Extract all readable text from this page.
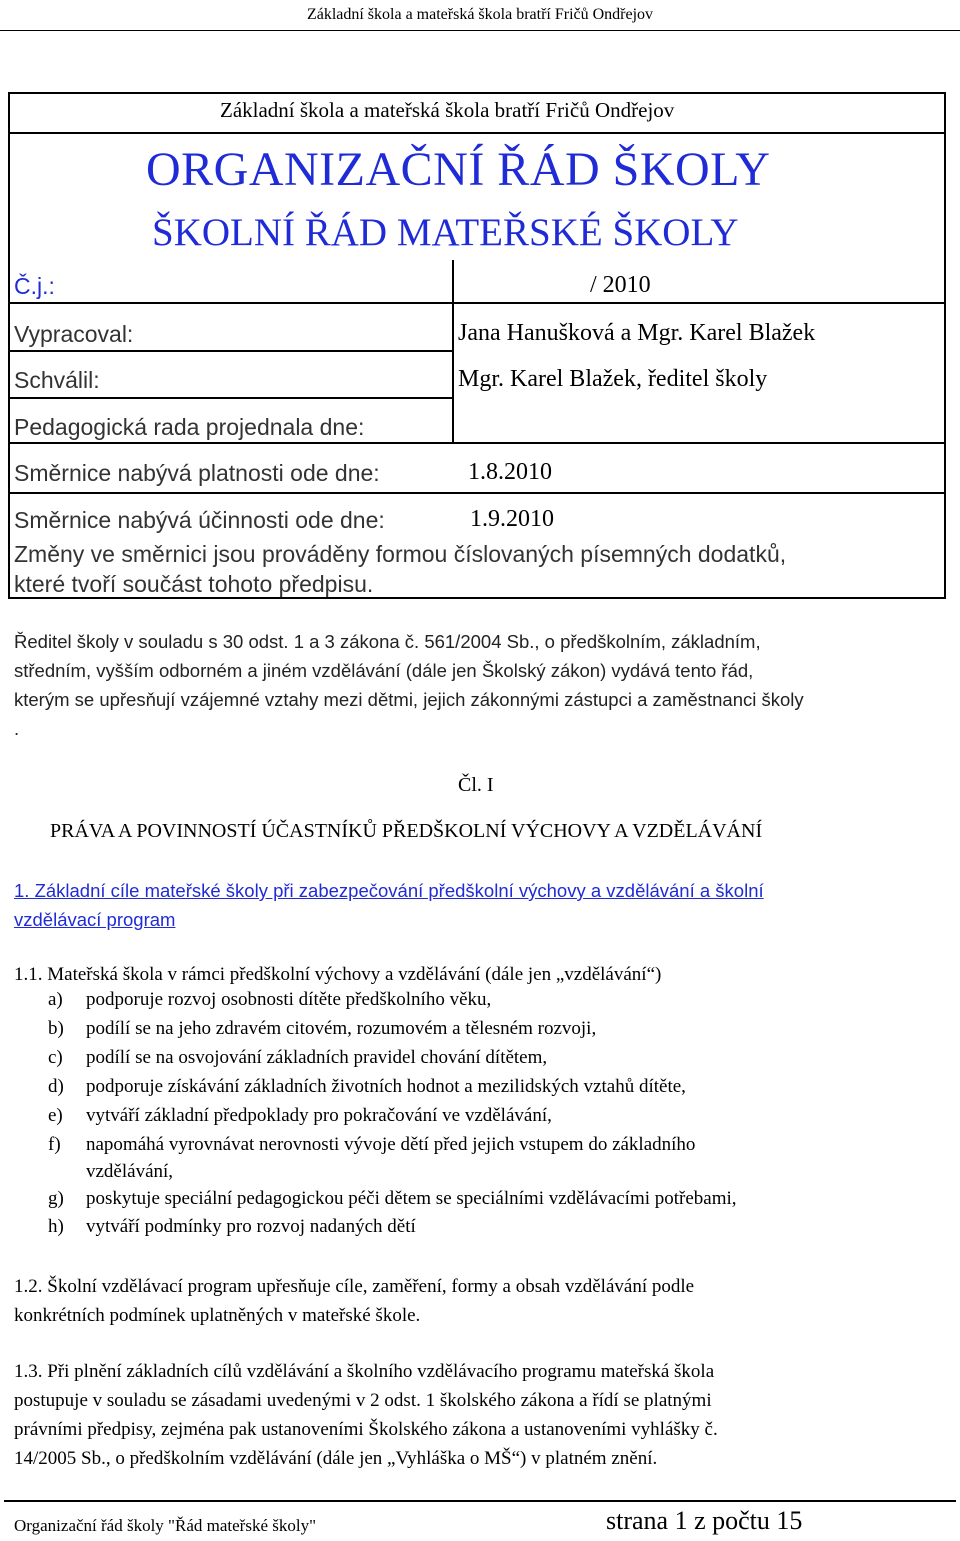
Základní škola a mateřská škola bratří Fričů Ondřejov
Základní škola a mateřská škola bratří Fričů Ondřejov
ORGANIZAČNÍ ŘÁD ŠKOLY
ŠKOLNÍ ŘÁD MATEŘSKÉ ŠKOLY
Č.j.:	/ 2010
Vypracoval:	Jana Hanušková a Mgr. Karel Blažek
Schválil:	Mgr. Karel Blažek, ředitel školy
Pedagogická rada projednala dne:
Směrnice nabývá platnosti ode dne:	1.8.2010
Směrnice nabývá účinnosti ode dne:	1.9.2010
Změny ve směrnici jsou prováděny formou číslovaných písemných dodatků,
které tvoří součást tohoto předpisu.
Ředitel školy v souladu s 30 odst. 1 a 3 zákona č. 561/2004 Sb., o předškolním, základním,
středním, vyšším odborném a jiném vzdělávání (dále jen Školský zákon) vydává tento řád,
kterým se upřesňují vzájemné vztahy mezi dětmi, jejich zákonnými zástupci a zaměstnanci školy
.
Čl. I
PRÁVA A POVINNOSTÍ ÚČASTNÍKŮ PŘEDŠKOLNÍ VÝCHOVY A VZDĚLÁVÁNÍ
1. Základní cíle mateřské školy při zabezpečování předškolní výchovy a vzdělávání a školní
vzdělávací program
1.1. Mateřská škola v rámci předškolní výchovy a vzdělávání (dále jen „vzdělávání“)
a) podporuje rozvoj osobnosti dítěte předškolního věku,
b) podílí se na jeho zdravém citovém, rozumovém a tělesném rozvoji,
c) podílí se na osvojování základních pravidel chování dítětem,
d) podporuje získávání základních životních hodnot a mezilidských vztahů dítěte,
e) vytváří základní předpoklady pro pokračování ve vzdělávání,
f) napomáhá vyrovnávat nerovnosti vývoje dětí před jejich vstupem do základního
vzdělávání,
g) poskytuje speciální pedagogickou péči dětem se speciálními vzdělávacími potřebami,
h) vytváří podmínky pro rozvoj nadaných dětí
1.2. Školní vzdělávací program upřesňuje cíle, zaměření, formy a obsah vzdělávání podle
konkrétních podmínek uplatněných v mateřské škole.
1.3. Při plnění základních cílů vzdělávání a školního vzdělávacího programu mateřská škola
postupuje v souladu se zásadami uvedenými v 2 odst. 1 školského zákona a řídí se platnými
právními předpisy, zejména pak ustanoveními Školského zákona a ustanoveními vyhlášky č.
14/2005 Sb., o předškolním vzdělávání (dále jen „Vyhláška o MŠ“) v platném znění.
Organizační řád školy "Řád mateřské školy"	strana 1 z počtu 15
